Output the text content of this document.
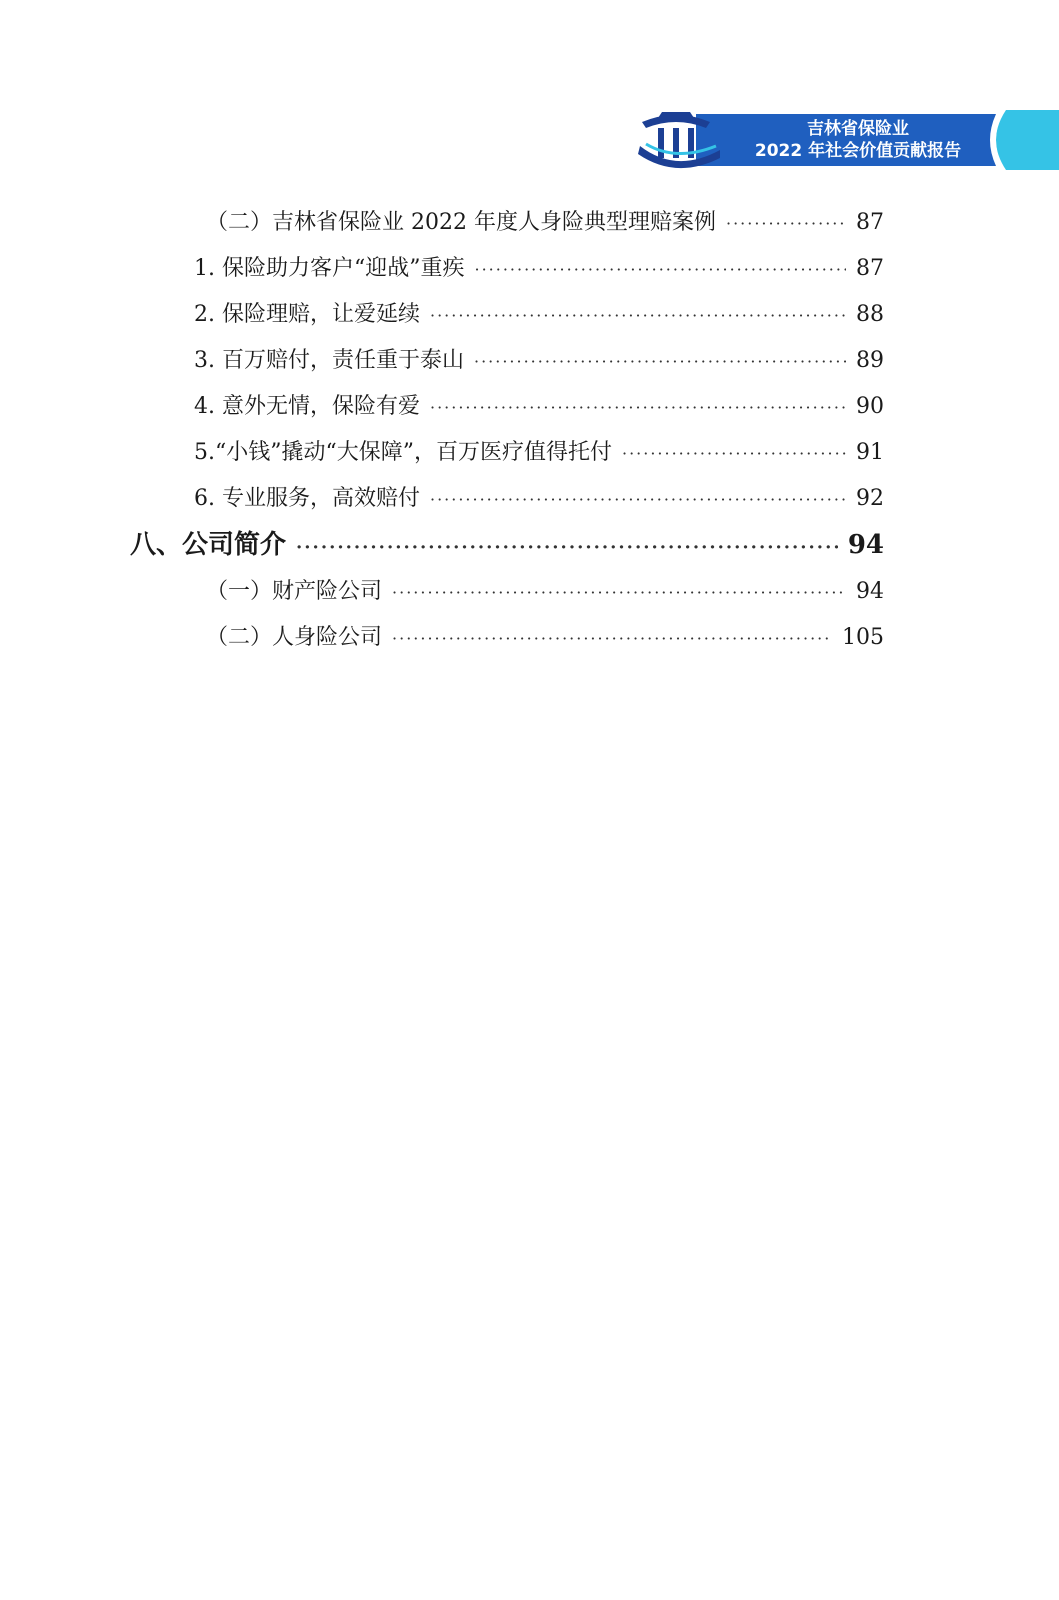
吉林省保险业
2022 年社会价值贡献报告
（二）吉林省保险业 2022 年度人身险典型理赔案例 ·····	87
1. 保险助力客户“迎战”重疾 ·····	87
2. 保险理赔，让爱延续 ·····	88
3. 百万赔付，责任重于泰山 ·····	89
4. 意外无情，保险有爱 ·····	90
5.“小钱”撬动“大保障”，百万医疗值得托付 ·····	91
6. 专业服务，高效赔付 ·····	92
八、公司简介 ·····	94
（一）财产险公司 ·····	94
（二）人身险公司 ·····	105
